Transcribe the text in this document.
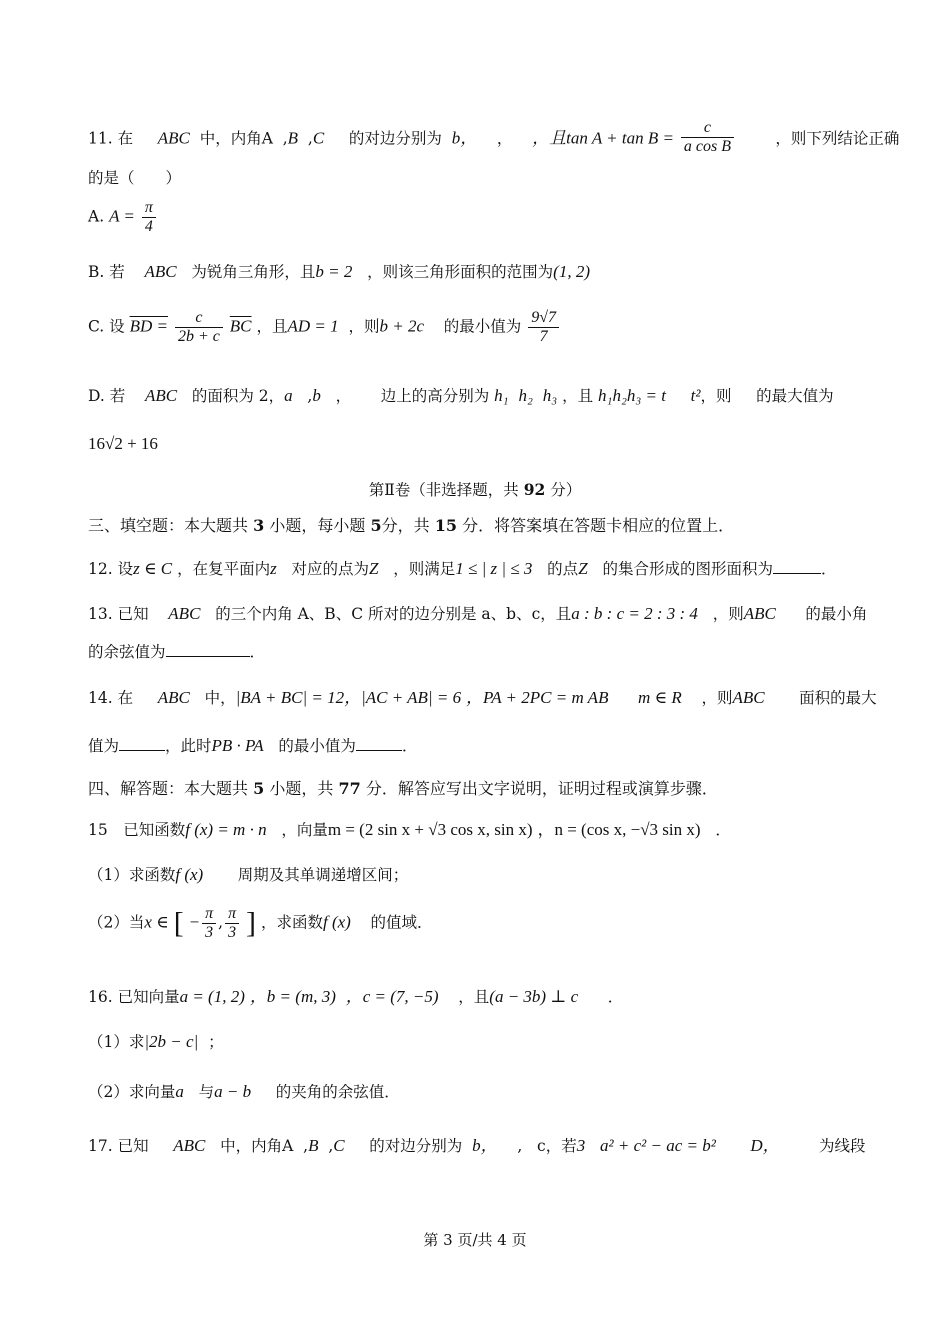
11. 在 ABC 中，内角A  ,B  ,C 的对边分别为 b， ， ，且$\tan A + \tan B = \frac{c}{\text{a cos B}}$	，则下列结论正确
的是（　　）
A. $A = \frac{\pi}{4}$
B. 若 ABC 为锐角三角形，且b = 2 ，则该三角形面积的范围为(1, 2)
C. 设 BD = $\frac{c}{2b + c} \overline{BC}$ ，且AD = 1 ，则b + 2c 的最小值为 $\frac{9√7}{7}$
D. 若 ABC 的面积为 2，a   ,b ， 边上的高分别为 h₁ h₂ h₃ ，且 h₁h₂h₃ = t t²，则 的最大值为
16√2 + 16
第Ⅱ卷（非选择题，共 92 分）
三、填空题：本大题共 3 小题，每小题 5分，共 15 分．将答案填在答题卡相应的位置上．
12. 设z ∈ C ，在复平面内z 对应的点为Z ，则满足1 ≤ | z | ≤ 3 的点Z 的集合形成的图形面积为	．
13. 已知 ABC 的三个内角 A、B、C 所对的边分别是 a、b、c，且a : b : c = 2 : 3 : 4 ，则ABC 的最小角
的余弦值为	．
14. 在 ABC 中，|BA + BC| = 12，|AC + AB| = 6 ，PA + 2PC = m AB m ∈ R ，则ABC 面积的最大
值为	，此时PB · PA 的最小值为	．
四、解答题：本大题共 5 小题，共 77 分．解答应写出文字说明，证明过程或演算步骤．
15　已知函数f (x) = m · n ，向量m = (2 sin x + √3 cos x, sin x) ，n = (cos x, −√3 sin x) ．
（1）求函数f (x) 周期及其单调递增区间；
（2）当x ∈ [ − $\frac{\pi}{3}$ , $\frac{\pi}{3}$ ] ，求函数f (x) 的值域．
16. 已知向量a = (1, 2) ，b = (m, 3) ，c = (7, −5) ，且(a − 3b) ⊥ c ．
（1）求|2b − c| ；
（2）求向量a 与a − b 的夹角的余弦值．
17. 已知 ABC 中，内角A  ,B  ,C 的对边分别为 b，    ,   c，若3 a² + c² − ac = b² D，	为线段
第 3 页/共 4 页
